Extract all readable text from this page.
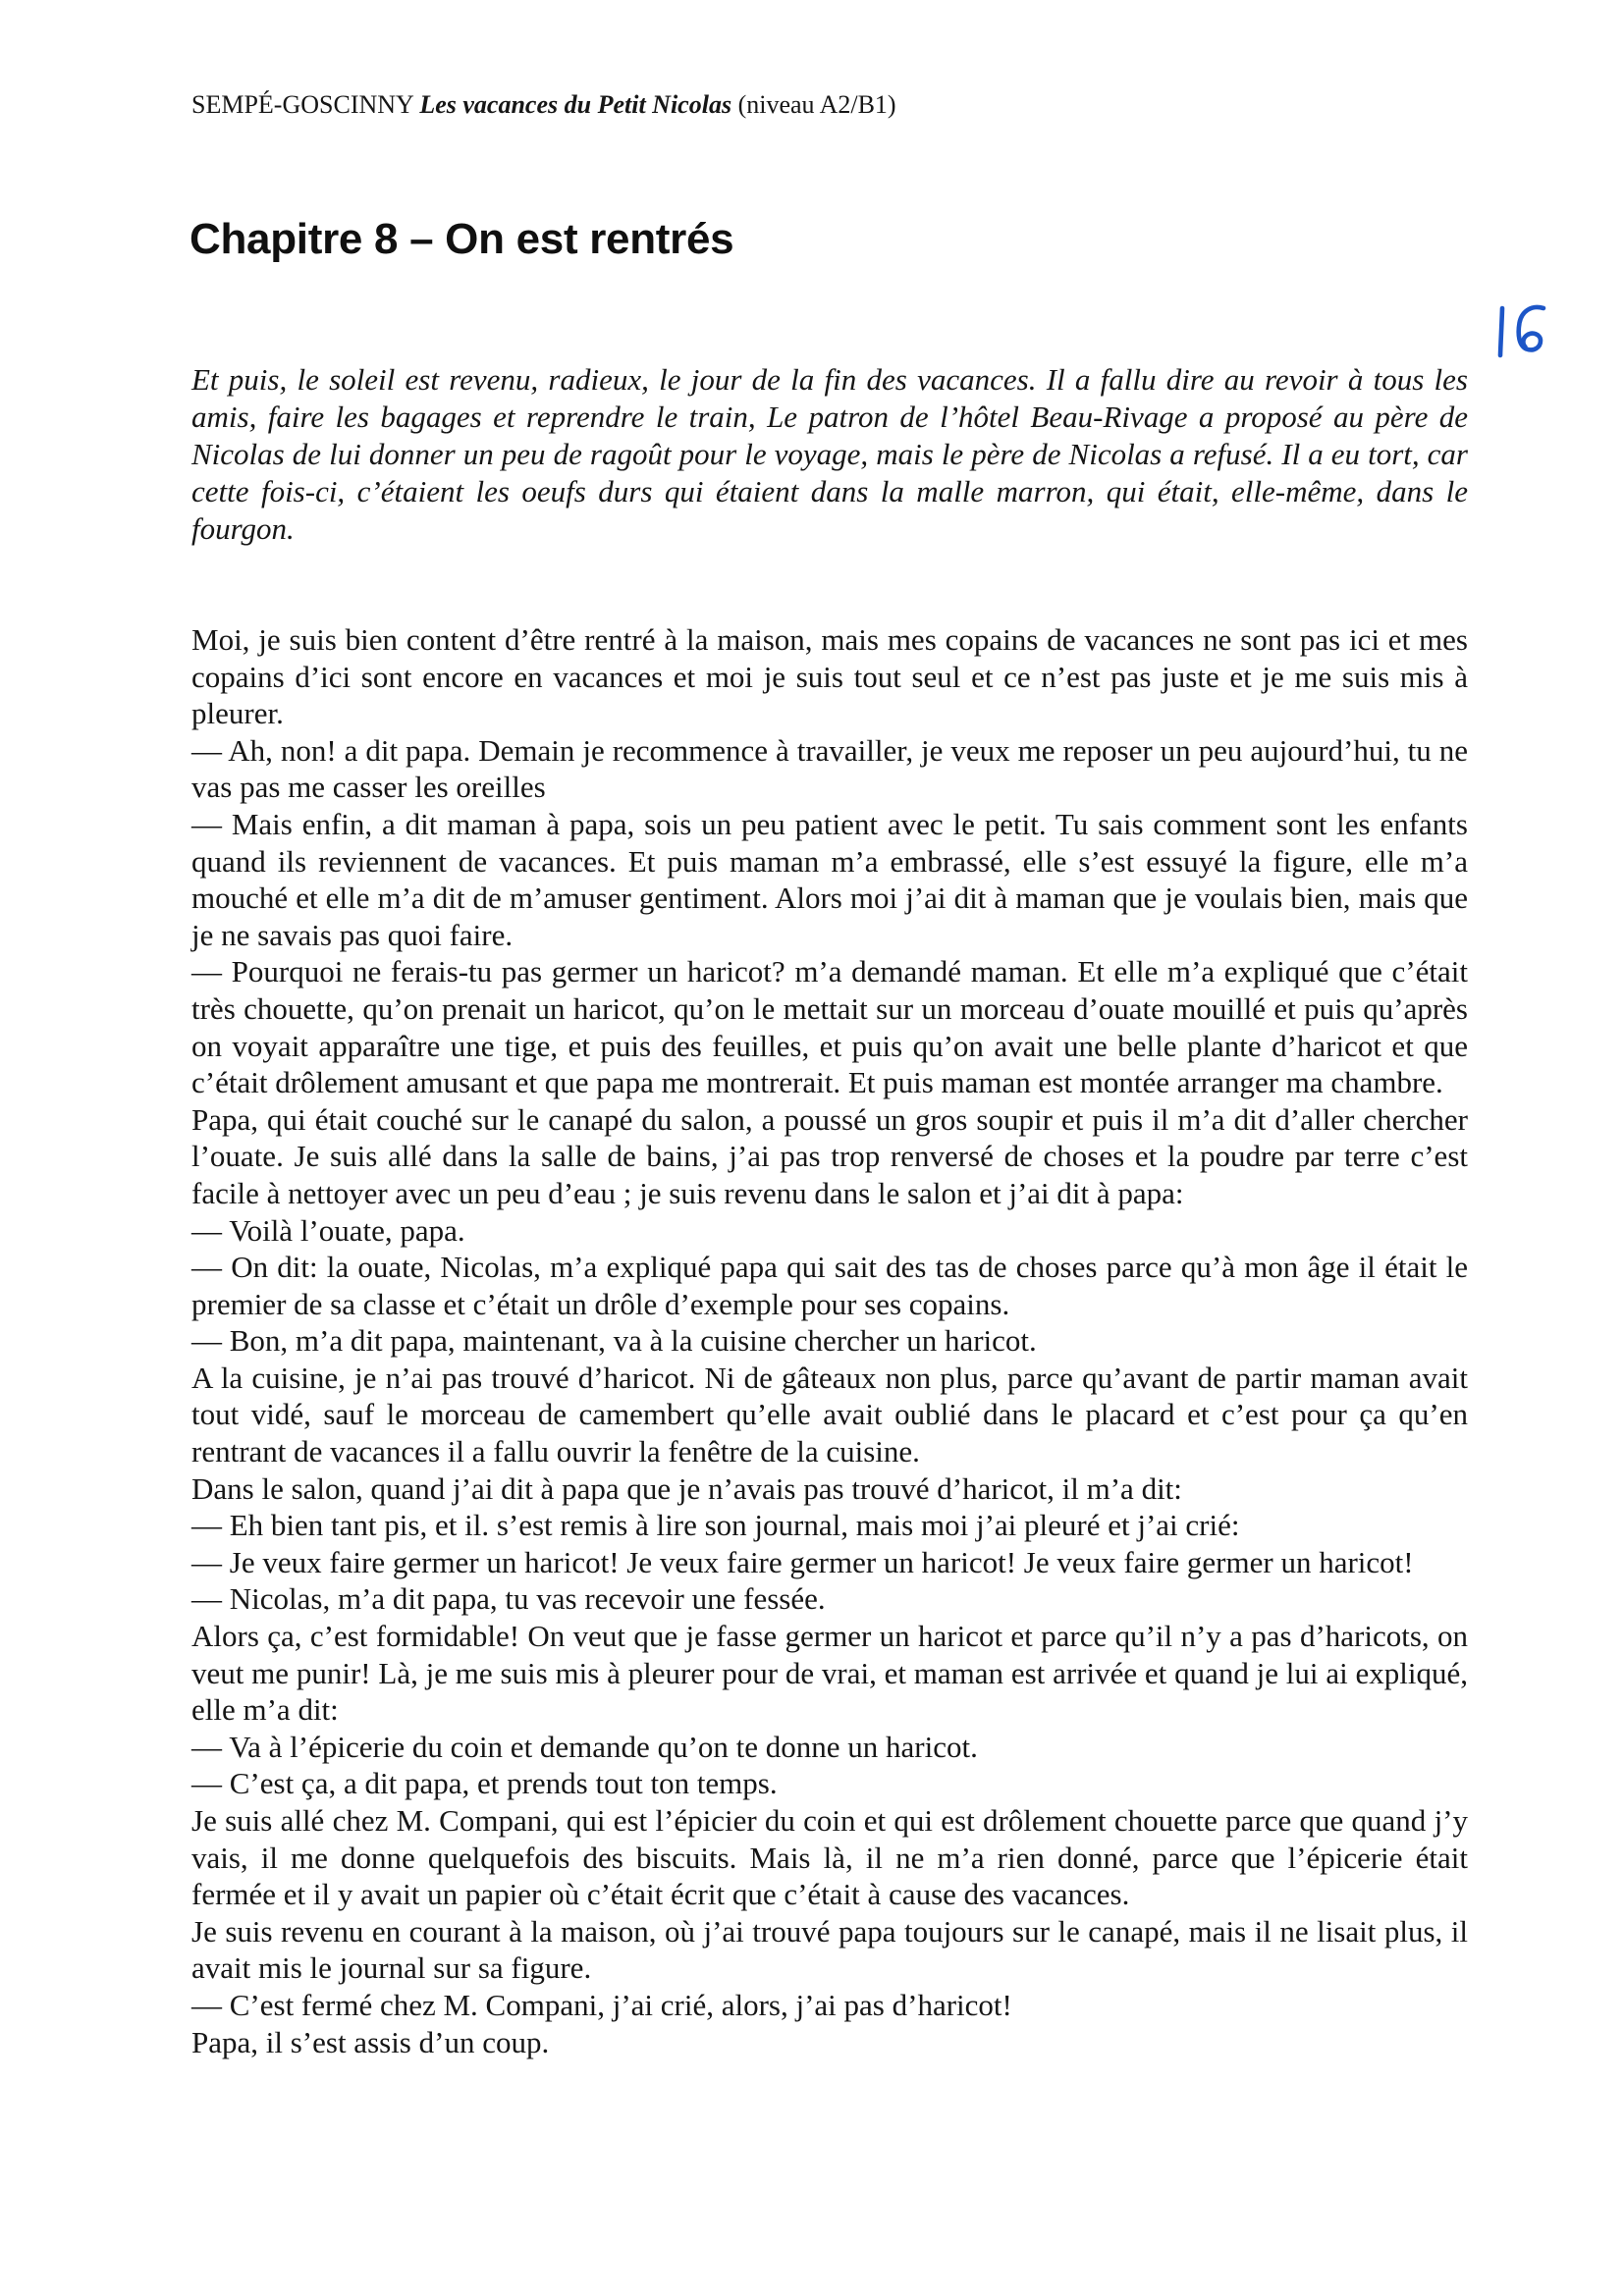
SEMPÉ-GOSCINNY Les vacances du Petit Nicolas (niveau A2/B1)
Chapitre 8 – On est rentrés

Et puis, le soleil est revenu, radieux, le jour de la fin des vacances. Il a fallu dire au revoir à tous les amis, faire les bagages et reprendre le train, Le patron de l’hôtel Beau-Rivage a proposé au père de Nicolas de lui donner un peu de ragoût pour le voyage, mais le père de Nicolas a refusé. Il a eu tort, car cette fois-ci, c’étaient les oeufs durs qui étaient dans la malle marron, qui était, elle-même, dans le fourgon.

Moi, je suis bien content d’être rentré à la maison, mais mes copains de vacances ne sont pas ici et mes copains d’ici sont encore en vacances et moi je suis tout seul et ce n’est pas juste et je me suis mis à pleurer.

— Ah, non! a dit papa. Demain je recommence à travailler, je veux me reposer un peu aujourd’hui, tu ne vas pas me casser les oreilles

— Mais enfin, a dit maman à papa, sois un peu patient avec le petit. Tu sais comment sont les enfants quand ils reviennent de vacances. Et puis maman m’a embrassé, elle s’est essuyé la figure, elle m’a mouché et elle m’a dit de m’amuser gentiment. Alors moi j’ai dit à maman que je voulais bien, mais que je ne savais pas quoi faire.

— Pourquoi ne ferais-tu pas germer un haricot? m’a demandé maman. Et elle m’a expliqué que c’était très chouette, qu’on prenait un haricot, qu’on le mettait sur un morceau d’ouate mouillé et puis qu’après on voyait apparaître une tige, et puis des feuilles, et puis qu’on avait une belle plante d’haricot et que c’était drôlement amusant et que papa me montrerait. Et puis maman est montée arranger ma chambre.

Papa, qui était couché sur le canapé du salon, a poussé un gros soupir et puis il m’a dit d’aller chercher l’ouate. Je suis allé dans la salle de bains, j’ai pas trop renversé de choses et la poudre par terre c’est facile à nettoyer avec un peu d’eau ; je suis revenu dans le salon et j’ai dit à papa:

— Voilà l’ouate, papa.

— On dit: la ouate, Nicolas, m’a expliqué papa qui sait des tas de choses parce qu’à mon âge il était le premier de sa classe et c’était un drôle d’exemple pour ses copains.

— Bon, m’a dit papa, maintenant, va à la cuisine chercher un haricot.

A la cuisine, je n’ai pas trouvé d’haricot. Ni de gâteaux non plus, parce qu’avant de partir maman avait tout vidé, sauf le morceau de camembert qu’elle avait oublié dans le placard et c’est pour ça qu’en rentrant de vacances il a fallu ouvrir la fenêtre de la cuisine.

Dans le salon, quand j’ai dit à papa que je n’avais pas trouvé d’haricot, il m’a dit:

— Eh bien tant pis, et il. s’est remis à lire son journal, mais moi j’ai pleuré et j’ai crié:

— Je veux faire germer un haricot! Je veux faire germer un haricot! Je veux faire germer un haricot!

— Nicolas, m’a dit papa, tu vas recevoir une fessée.

Alors ça, c’est formidable! On veut que je fasse germer un haricot et parce qu’il n’y a pas d’haricots, on veut me punir! Là, je me suis mis à pleurer pour de vrai, et maman est arrivée et quand je lui ai expliqué, elle m’a dit:

— Va à l’épicerie du coin et demande qu’on te donne un haricot.

— C’est ça, a dit papa, et prends tout ton temps.

Je suis allé chez M. Compani, qui est l’épicier du coin et qui est drôlement chouette parce que quand j’y vais, il me donne quelquefois des biscuits. Mais là, il ne m’a rien donné, parce que l’épicerie était fermée et il y avait un papier où c’était écrit que c’était à cause des vacances.

Je suis revenu en courant à la maison, où j’ai trouvé papa toujours sur le canapé, mais il ne lisait plus, il avait mis le journal sur sa figure.

— C’est fermé chez M. Compani, j’ai crié, alors, j’ai pas d’haricot!

Papa, il s’est assis d’un coup.
